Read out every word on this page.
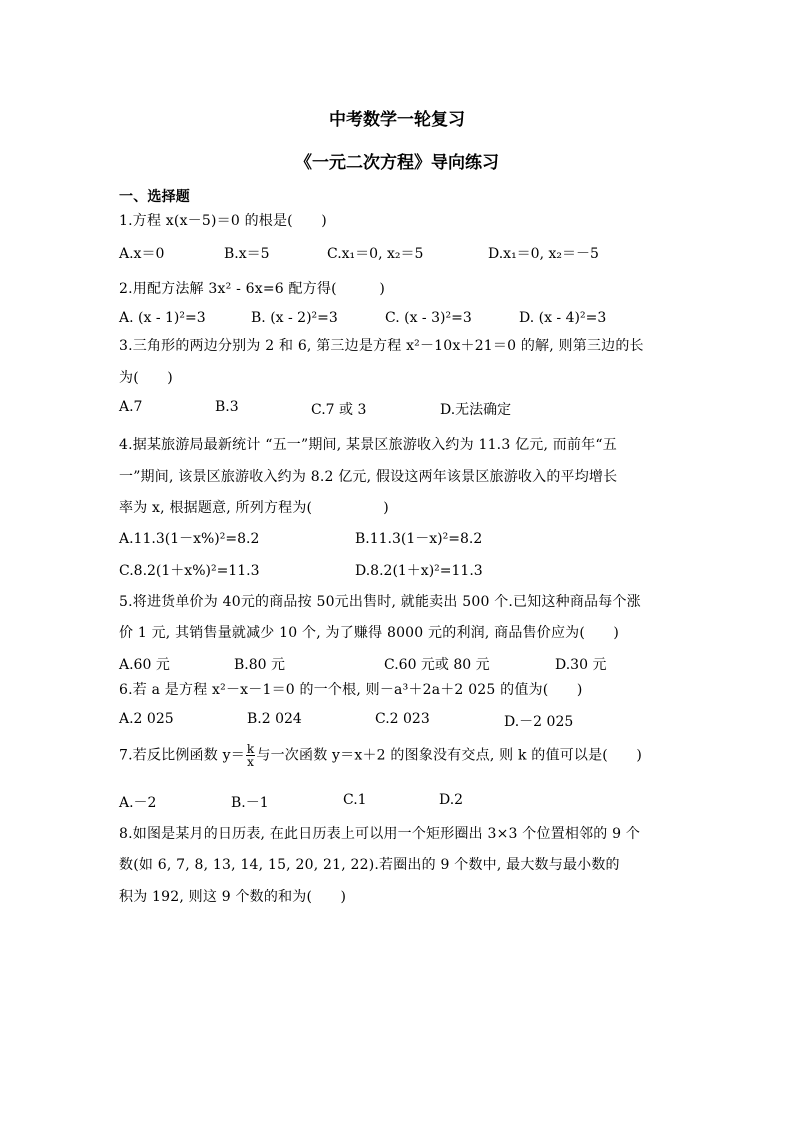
中考数学一轮复习
《一元二次方程》导向练习
一、选择题
1.方程 x(x－5)＝0 的根是(　　)
A.x＝0	B.x＝5	C.x₁＝0, x₂＝5	D.x₁＝0, x₂＝－5
2.用配方法解 3x² - 6x=6 配方得(　　　)
A. (x - 1)²=3	B. (x - 2)²=3	C. (x - 3)²=3	D. (x - 4)²=3
3.三角形的两边分别为 2 和 6, 第三边是方程 x²－10x＋21＝0 的解, 则第三边的长
为(　　)
A.7	B.3	C.7 或 3	D.无法确定
4.据某旅游局最新统计 “五一”期间, 某景区旅游收入约为 11.3 亿元, 而前年“五
一”期间, 该景区旅游收入约为 8.2 亿元, 假设这两年该景区旅游收入的平均增长
率为 x, 根据题意, 所列方程为(　　　　　)
A.11.3(1－x%)²=8.2	B.11.3(1－x)²=8.2
C.8.2(1＋x%)²=11.3	D.8.2(1＋x)²=11.3
5.将进货单价为 40元的商品按 50元出售时, 就能卖出 500 个.已知这种商品每个涨
价 1 元, 其销售量就减少 10 个, 为了赚得 8000 元的利润, 商品售价应为(　　)
A.60 元	B.80 元	C.60 元或 80 元	D.30 元
6.若 a 是方程 x²－x－1＝0 的一个根, 则－a³＋2a＋2 025 的值为(　　)
A.2 025	B.2 024	C.2 023	D.－2 025
7.若反比例函数 $y= \frac{k}{x}$ 与一次函数 y＝x＋2 的图象没有交点, 则 k 的值可以是(　　)
A.－2	B.－1	C.1	D.2
8.如图是某月的日历表, 在此日历表上可以用一个矩形圈出 3×3 个位置相邻的 9 个
数(如 6, 7, 8, 13, 14, 15, 20, 21, 22).若圈出的 9 个数中, 最大数与最小数的
积为 192, 则这 9 个数的和为(　　)
